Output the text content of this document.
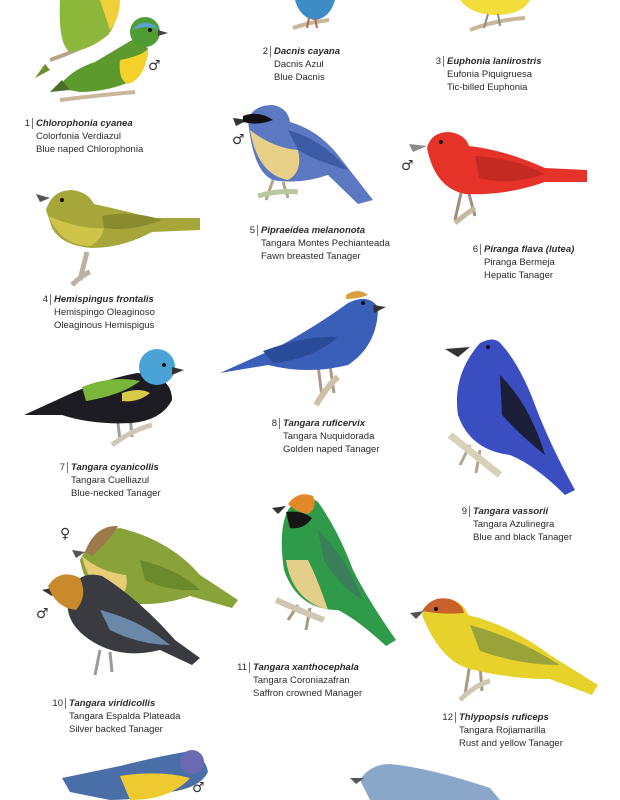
♂
♂
♂
♀
♂
♂
1 Chlorophonia cyanea
Colorfonia Verdiazul
Blue naped Chlorophonia
2 Dacnis cayana
Dacnis Azul
Blue Dacnis
3 Euphonia laniirostris
Eufonia Piquigruesa
Tic-billed Euphonia
4 Hemispingus frontalis
Hemispingo Oleaginoso
Oleaginous Hemispigus
5 Pipraeidea melanonota
Tangara Montes Pechianteada
Fawn breasted Tanager
6 Piranga flava (lutea)
Piranga Bermeja
Hepatic Tanager
7 Tangara cyanicollis
Tangara Cuelliazul
Blue-necked Tanager
8 Tangara ruficervix
Tangara Nuquidorada
Golden naped Tanager
9 Tangara vassorii
Tangara Azulinegra
Blue and black Tanager
10 Tangara viridicollis
Tangara Espalda Plateada
Silver backed Tanager
11 Tangara xanthocephala
Tangara Coroniazafran
Saffron crowned Manager
12 Thlypopsis ruficeps
Tangara Rojiamarilla
Rust and yellow Tanager
